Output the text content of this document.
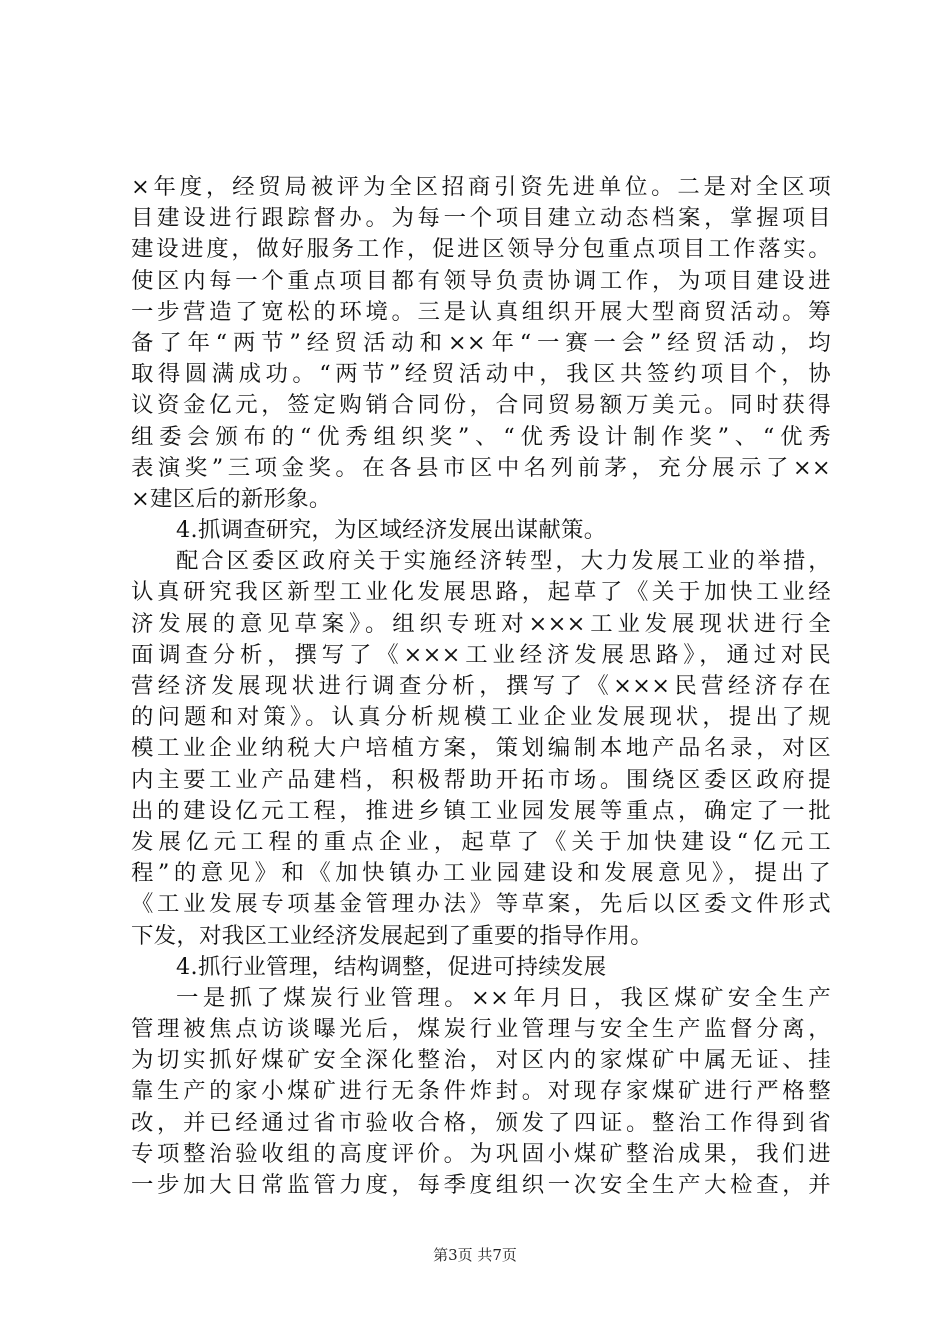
×年度，经贸局被评为全区招商引资先进单位。二是对全区项
目建设进行跟踪督办。为每一个项目建立动态档案，掌握项目
建设进度，做好服务工作，促进区领导分包重点项目工作落实。
使区内每一个重点项目都有领导负责协调工作，为项目建设进
一步营造了宽松的环境。三是认真组织开展大型商贸活动。筹
备了年“两节”经贸活动和××年“一赛一会”经贸活动，均
取得圆满成功。“两节”经贸活动中，我区共签约项目个，协
议资金亿元，签定购销合同份，合同贸易额万美元。同时获得
组委会颁布的“优秀组织奖”、“优秀设计制作奖”、“优秀
表演奖”三项金奖。在各县市区中名列前茅，充分展示了××
×建区后的新形象。
4.抓调查研究，为区域经济发展出谋献策。
配合区委区政府关于实施经济转型，大力发展工业的举措，
认真研究我区新型工业化发展思路，起草了《关于加快工业经
济发展的意见草案》。组织专班对×××工业发展现状进行全
面调查分析，撰写了《×××工业经济发展思路》，通过对民
营经济发展现状进行调查分析，撰写了《×××民营经济存在
的问题和对策》。认真分析规模工业企业发展现状，提出了规
模工业企业纳税大户培植方案，策划编制本地产品名录，对区
内主要工业产品建档，积极帮助开拓市场。围绕区委区政府提
出的建设亿元工程，推进乡镇工业园发展等重点，确定了一批
发展亿元工程的重点企业，起草了《关于加快建设“亿元工
程”的意见》和《加快镇办工业园建设和发展意见》，提出了
《工业发展专项基金管理办法》等草案，先后以区委文件形式
下发，对我区工业经济发展起到了重要的指导作用。
4.抓行业管理，结构调整，促进可持续发展
一是抓了煤炭行业管理。××年月日，我区煤矿安全生产
管理被焦点访谈曝光后，煤炭行业管理与安全生产监督分离，
为切实抓好煤矿安全深化整治，对区内的家煤矿中属无证、挂
靠生产的家小煤矿进行无条件炸封。对现存家煤矿进行严格整
改，并已经通过省市验收合格，颁发了四证。整治工作得到省
专项整治验收组的高度评价。为巩固小煤矿整治成果，我们进
一步加大日常监管力度，每季度组织一次安全生产大检查，并
第3页 共7页
